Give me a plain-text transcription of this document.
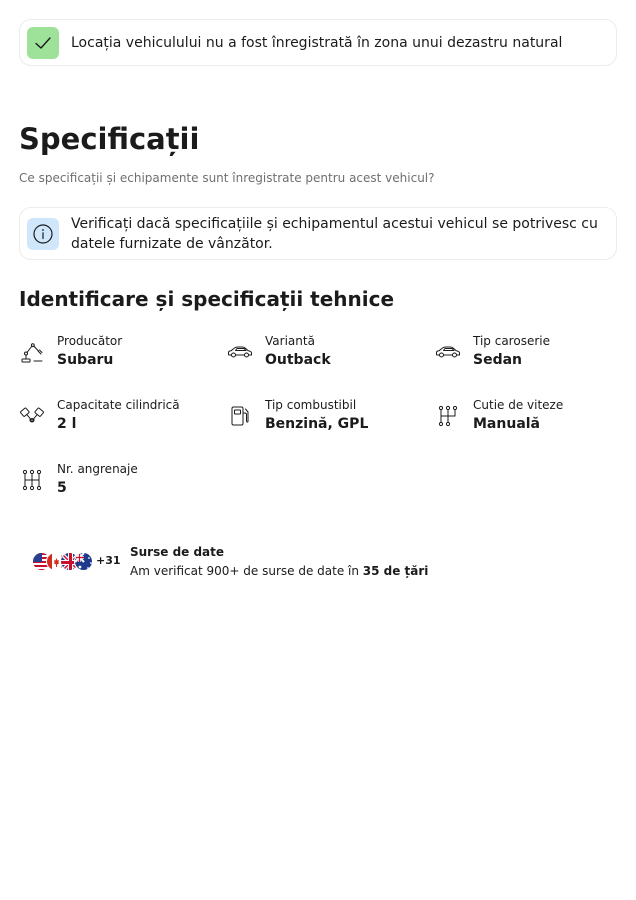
Locația vehiculului nu a fost înregistrată în zona unui dezastru natural
Specificații

Ce specificații și echipamente sunt înregistrate pentru acest vehicul?

Verificați dacă specificațiile și echipamentul acestui vehicul se potrivesc cu datele furnizate de vânzător.
Identificare și specificații tehnice
Producător
Subaru
Variantă
Outback
Tip caroserie
Sedan
Capacitate cilindrică
2 l
Tip combustibil
Benzină, GPL
Cutie de viteze
Manuală
Nr. angrenaje
5
+31
Surse de date
Am verificat 900+ de surse de date în 35 de țări
